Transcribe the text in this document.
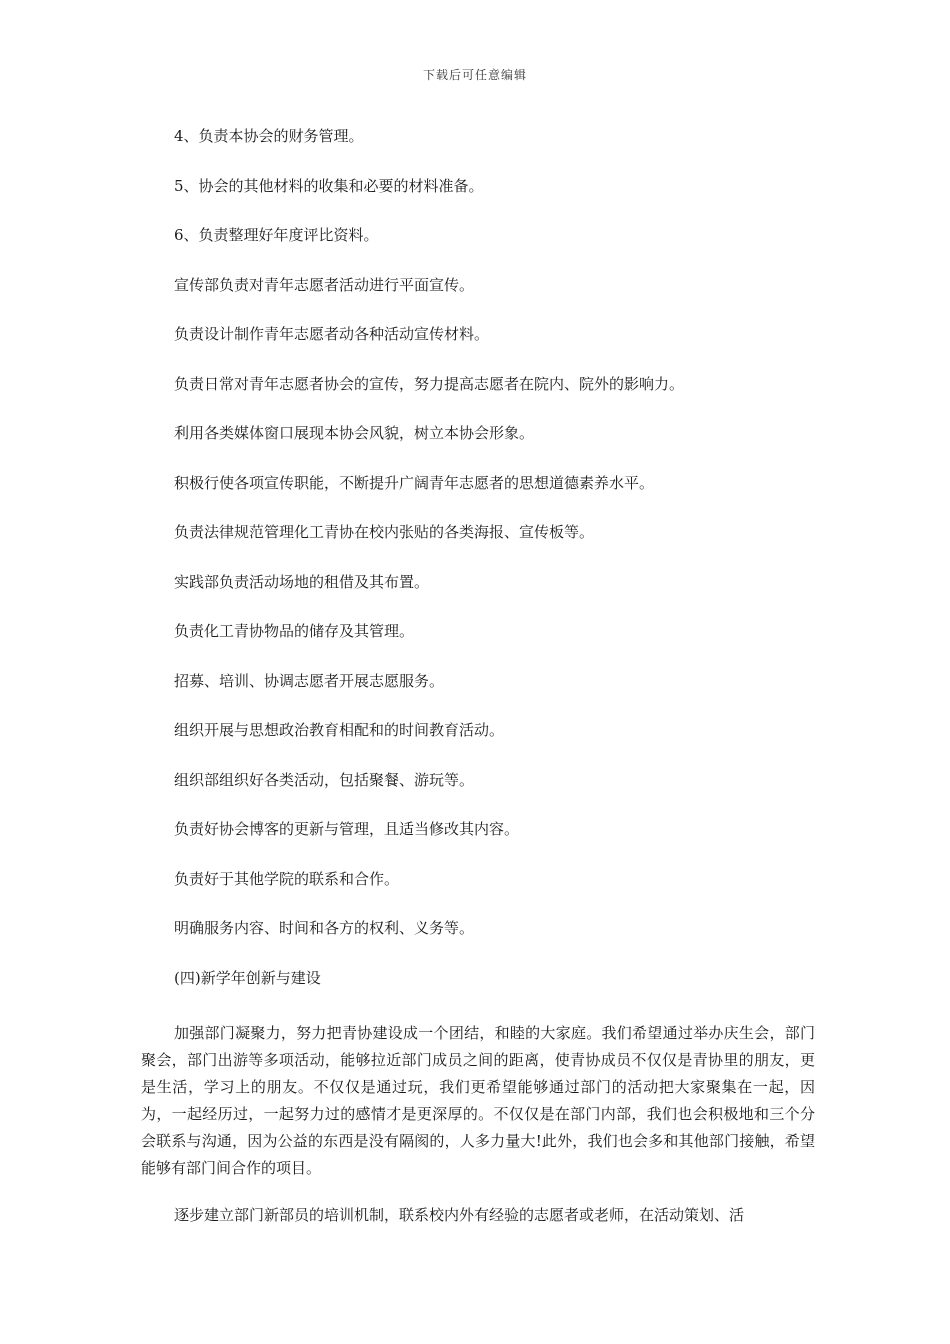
下载后可任意编辑

4、负责本协会的财务管理。

5、协会的其他材料的收集和必要的材料准备。

6、负责整理好年度评比资料。

宣传部负责对青年志愿者活动进行平面宣传。

负责设计制作青年志愿者动各种活动宣传材料。

负责日常对青年志愿者协会的宣传，努力提高志愿者在院内、院外的影响力。

利用各类媒体窗口展现本协会风貌，树立本协会形象。

积极行使各项宣传职能，不断提升广阔青年志愿者的思想道德素养水平。

负责法律规范管理化工青协在校内张贴的各类海报、宣传板等。

实践部负责活动场地的租借及其布置。

负责化工青协物品的储存及其管理。

招募、培训、协调志愿者开展志愿服务。

组织开展与思想政治教育相配和的时间教育活动。

组织部组织好各类活动，包括聚餐、游玩等。

负责好协会博客的更新与管理，且适当修改其内容。

负责好于其他学院的联系和合作。

明确服务内容、时间和各方的权利、义务等。

(四)新学年创新与建设

加强部门凝聚力，努力把青协建设成一个团结，和睦的大家庭。我们希望通过举办庆生会，部门聚会，部门出游等多项活动，能够拉近部门成员之间的距离，使青协成员不仅仅是青协里的朋友，更是生活，学习上的朋友。不仅仅是通过玩，我们更希望能够通过部门的活动把大家聚集在一起，因为，一起经历过，一起努力过的感情才是更深厚的。不仅仅是在部门内部，我们也会积极地和三个分会联系与沟通，因为公益的东西是没有隔阂的，人多力量大!此外，我们也会多和其他部门接触，希望能够有部门间合作的项目。

逐步建立部门新部员的培训机制，联系校内外有经验的志愿者或老师，在活动策划、活
